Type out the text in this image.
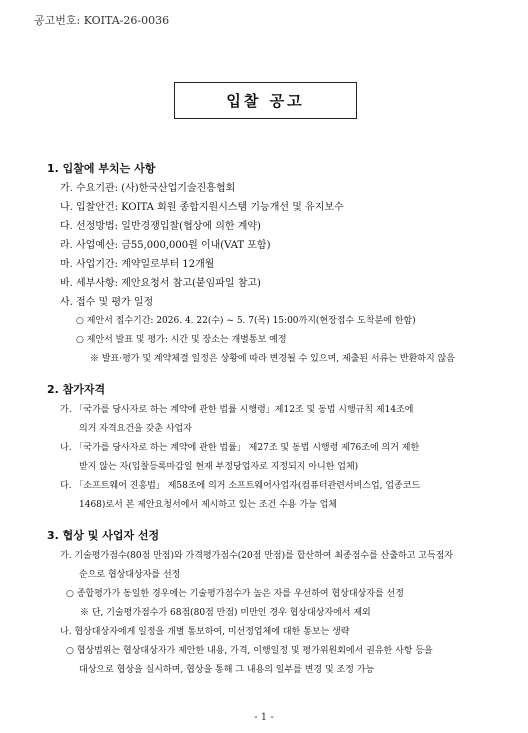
공고번호: KOITA-26-0036
입찰 공고
1. 입찰에 부치는 사항
가. 수요기관: (사)한국산업기술진흥협회
나. 입찰안건: KOITA 회원 종합지원시스템 기능개선 및 유지보수
다. 선정방법: 일반경쟁입찰(협상에 의한 계약)
라. 사업예산: 금55,000,000원 이내(VAT 포함)
마. 사업기간: 계약일로부터 12개월
바. 세부사항: 제안요청서 참고(붙임파일 참고)
사. 접수 및 평가 일정
○ 제안서 접수기간: 2026. 4. 22(수) ~ 5. 7(목) 15:00까지(현장접수 도착분에 한함)
○ 제안서 발표 및 평가: 시간 및 장소는 개별통보 예정
※ 발표·평가 및 계약체결 일정은 상황에 따라 변경될 수 있으며, 제출된 서류는 반환하지 않음
2. 참가자격
가. 「국가를 당사자로 하는 계약에 관한 법률 시행령」제12조 및 동법 시행규칙 제14조에
의거 자격요건을 갖춘 사업자
나. 「국가를 당사자로 하는 계약에 관한 법률」 제27조 및 동법 시행령 제76조에 의거 제한
받지 않는 자(입찰등록마감일 현재 부정당업자로 지정되지 아니한 업체)
다. 「소프트웨어 진흥법」 제58조에 의거 소프트웨어사업자(컴퓨터관련서비스업, 업종코드
1468)로서 본 제안요청서에서 제시하고 있는 조건 수용 가능 업체
3. 협상 및 사업자 선정
가. 기술평가점수(80점 만점)와 가격평가점수(20점 만점)를 합산하여 최종점수를 산출하고 고득점자
순으로 협상대상자를 선정
○ 종합평가가 동일한 경우에는 기술평가점수가 높은 자를 우선하여 협상대상자를 선정
※ 단, 기술평가점수가 68점(80점 만점) 미만인 경우 협상대상자에서 제외
나. 협상대상자에게 일정을 개별 통보하여, 미선정업체에 대한 통보는 생략
○ 협상범위는 협상대상자가 제안한 내용, 가격, 이행일정 및 평가위원회에서 권유한 사항 등을
대상으로 협상을 실시하며, 협상을 통해 그 내용의 일부를 변경 및 조정 가능
- 1 -
